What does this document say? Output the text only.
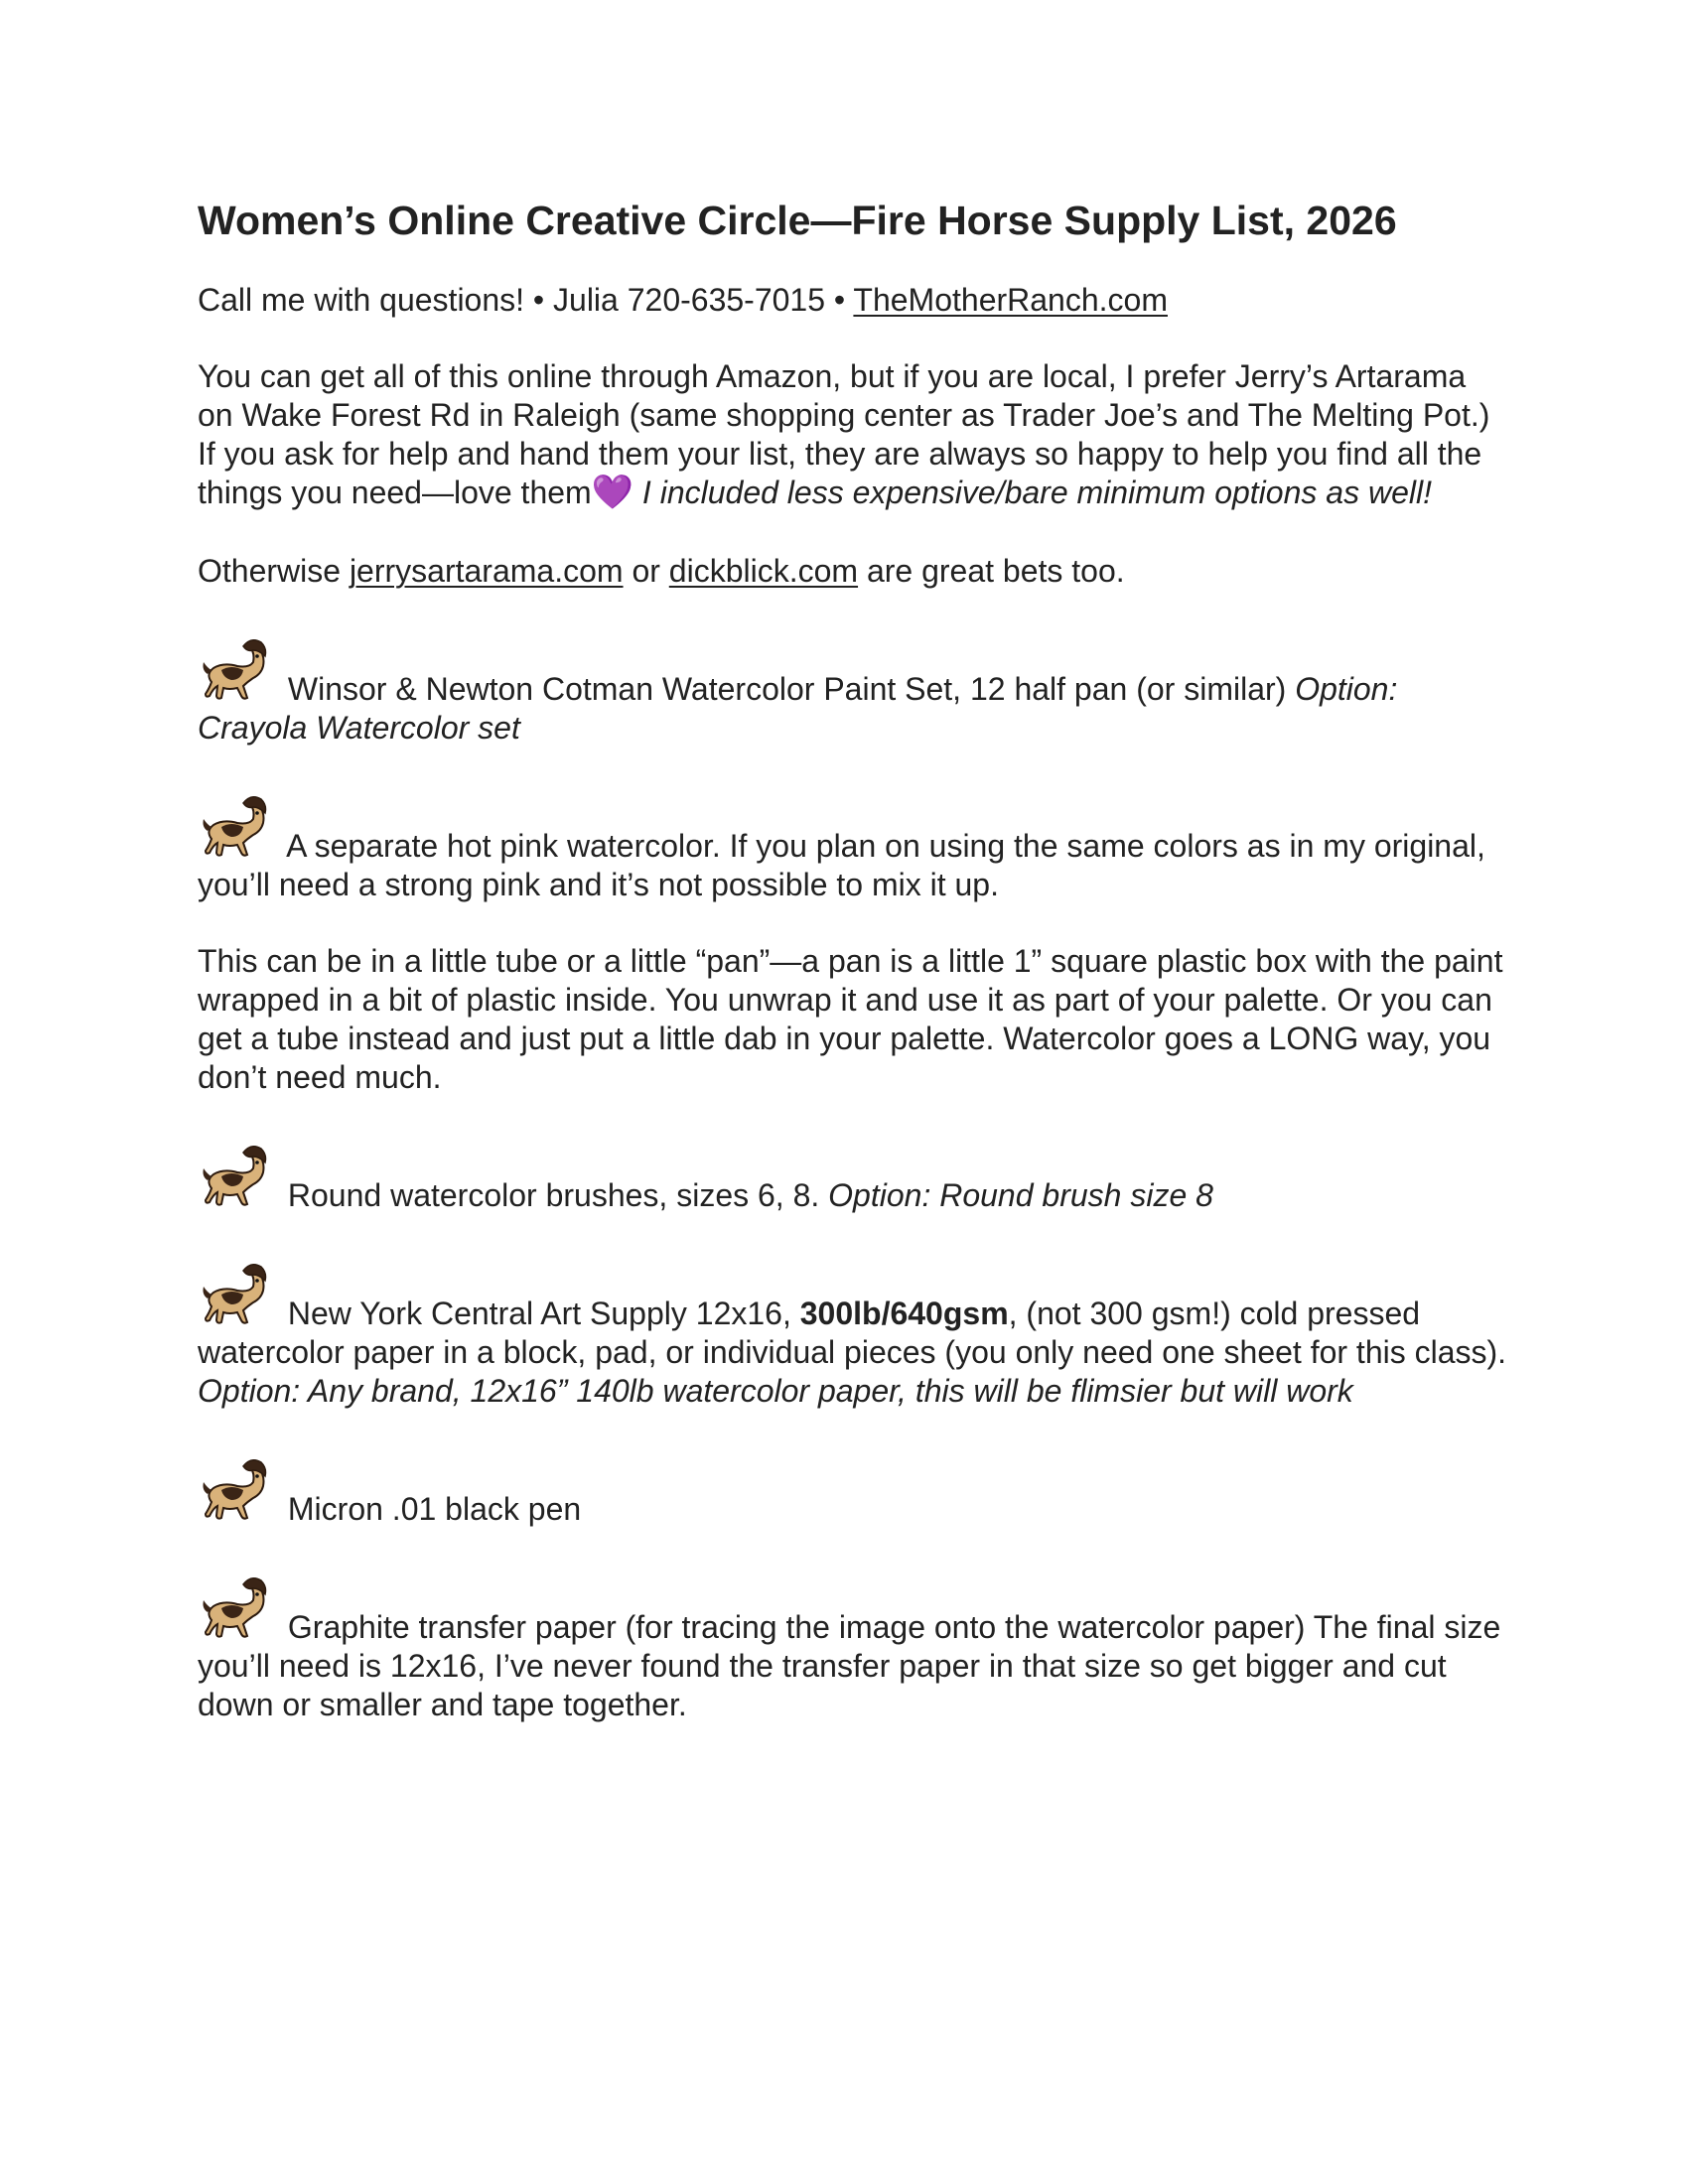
Women’s Online Creative Circle—Fire Horse Supply List, 2026

Call me with questions! • Julia 720-635-7015 • TheMotherRanch.com

You can get all of this online through Amazon, but if you are local, I prefer Jerry’s Artarama on Wake Forest Rd in Raleigh (same shopping center as Trader Joe’s and The Melting Pot.) If you ask for help and hand them your list, they are always so happy to help you find all the things you need—love them💜 I included less expensive/bare minimum options as well!

Otherwise jerrysartarama.com or dickblick.com are great bets too.

Winsor & Newton Cotman Watercolor Paint Set, 12 half pan (or similar) Option: Crayola Watercolor set

A separate hot pink watercolor. If you plan on using the same colors as in my original, you’ll need a strong pink and it’s not possible to mix it up.

This can be in a little tube or a little “pan”—a pan is a little 1” square plastic box with the paint wrapped in a bit of plastic inside. You unwrap it and use it as part of your palette. Or you can get a tube instead and just put a little dab in your palette. Watercolor goes a LONG way, you don’t need much.

Round watercolor brushes, sizes 6, 8. Option: Round brush size 8

New York Central Art Supply 12x16, 300lb/640gsm, (not 300 gsm!) cold pressed watercolor paper in a block, pad, or individual pieces (you only need one sheet for this class). Option: Any brand, 12x16” 140lb watercolor paper, this will be flimsier but will work

Micron .01 black pen

Graphite transfer paper (for tracing the image onto the watercolor paper) The final size you’ll need is 12x16, I’ve never found the transfer paper in that size so get bigger and cut down or smaller and tape together.
